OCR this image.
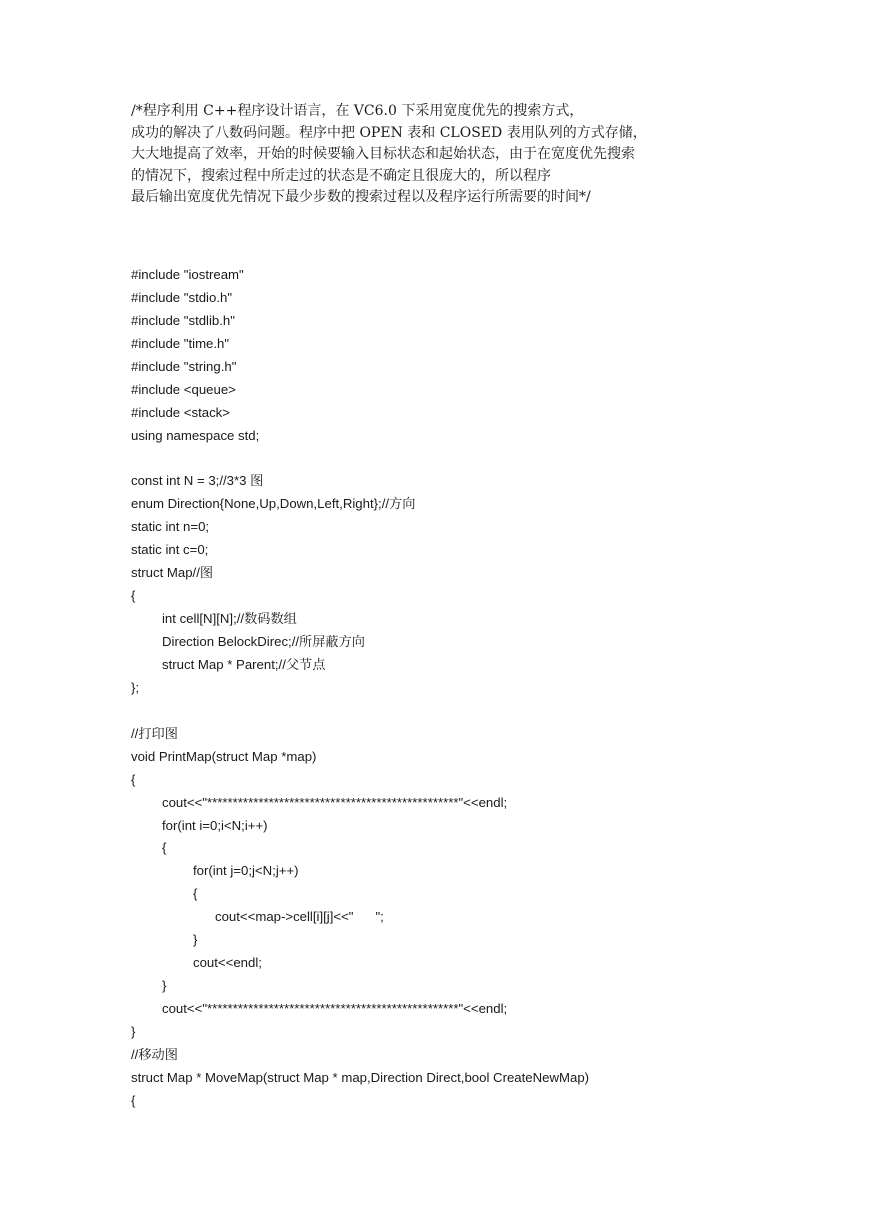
/*程序利用 C++程序设计语言，在 VC6.0 下采用宽度优先的搜索方式，
成功的解决了八数码问题。程序中把 OPEN 表和 CLOSED 表用队列的方式存储，
大大地提高了效率，开始的时候要输入目标状态和起始状态，由于在宽度优先搜索
的情况下，搜索过程中所走过的状态是不确定且很庞大的，所以程序
最后输出宽度优先情况下最少步数的搜索过程以及程序运行所需要的时间*/
#include "iostream"
#include "stdio.h"
#include "stdlib.h"
#include "time.h"
#include "string.h"
#include <queue>
#include <stack>
using namespace std;
const int N = 3;//3*3 图
enum Direction{None,Up,Down,Left,Right};//方向
static int n=0;
static int c=0;
struct Map//图
{
int cell[N][N];//数码数组
Direction BelockDirec;//所屏蔽方向
struct Map * Parent;//父节点
};
//打印图
void PrintMap(struct Map *map)
{
cout<<"*************************************************"<<endl;
for(int i=0;i<N;i++)
{
for(int j=0;j<N;j++)
{
cout<<map->cell[i][j]<<"      ";
}
cout<<endl;
}
cout<<"*************************************************"<<endl;
}
//移动图
struct Map * MoveMap(struct Map * map,Direction Direct,bool CreateNewMap)
{
